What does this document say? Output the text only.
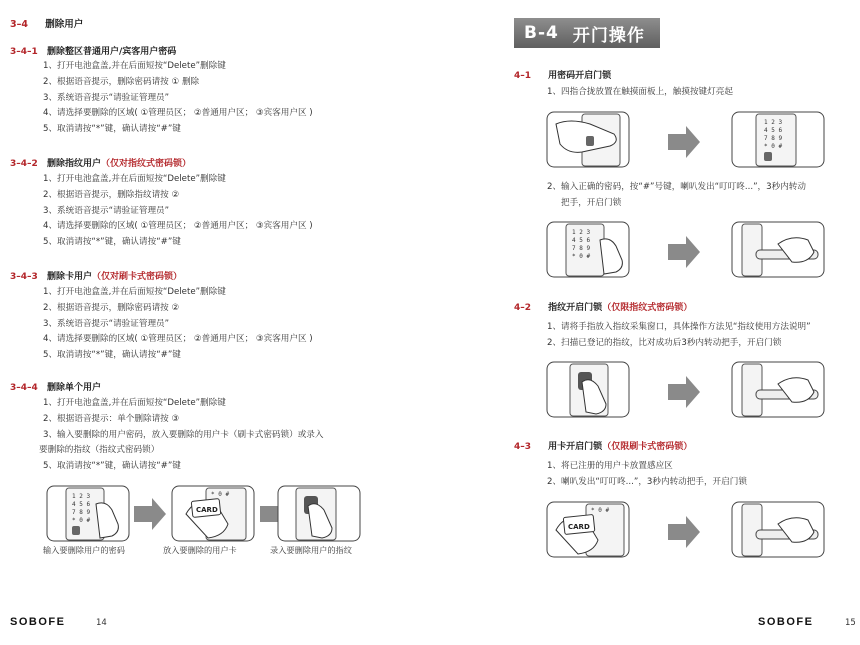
3–4 删除用户
3–4–1 删除整区普通用户/宾客用户密码
1、打开电池盒盖,并在后面短按“Delete”删除键
2、根据语音提示，删除密码请按 ① 删除
3、系统语音提示“请验证管理员”
4、请选择要删除的区域( ①管理员区； ②普通用户区； ③宾客用户区 )
5、取消请按“*”键，确认请按“#”键
3–4–2 删除指纹用户（仅对指纹式密码锁）
1、打开电池盒盖,并在后面短按“Delete”删除键
2、根据语音提示，删除指纹请按 ②
3、系统语音提示“请验证管理员”
4、请选择要删除的区域( ①管理员区； ②普通用户区； ③宾客用户区 )
5、取消请按“*”键，确认请按“#”键
3–4–3 删除卡用户（仅对刷卡式密码锁）
1、打开电池盒盖,并在后面短按“Delete”删除键
2、根据语音提示，删除密码请按 ②
3、系统语音提示“请验证管理员”
4、请选择要删除的区域( ①管理员区； ②普通用户区； ③宾客用户区 )
5、取消请按“*”键，确认请按“#”键
3–4–4 删除单个用户
1、打开电池盒盖,并在后面短按“Delete”删除键
2、根据语音提示：单个删除请按 ③
3、输入要删除的用户密码，放入要删除的用户卡（刷卡式密码锁）或录入
要删除的指纹（指纹式密码锁）
5、取消请按“*”键，确认请按“#”键
1 2 3
4 5 6
7 8 9
* 0 #
* 0 #
CARD
输入要删除用户的密码	放入要删除的用户卡	录入要删除用户的指纹
SOBOFE	14
B-4 开门操作
4–1 用密码开启门锁
1、四指合拢放置在触摸面板上，触摸按键灯亮起
1 2 3
4 5 6
7 8 9
* 0 #
2、输入正确的密码，按“#”号键，喇叭发出“叮叮咚...”，3秒内转动
把手，开启门锁
1 2 3
4 5 6
7 8 9
* 0 #
4–2 指纹开启门锁（仅限指纹式密码锁）
1、请将手指放入指纹采集窗口，具体操作方法见“指纹使用方法说明”
2、扫描已登记的指纹，比对成功后3秒内转动把手，开启门锁
4–3 用卡开启门锁（仅限刷卡式密码锁）
1、将已注册的用户卡放置感应区
2、喇叭发出“叮叮咚...”，3秒内转动把手，开启门锁
* 0 #
CARD
SOBOFE	15
